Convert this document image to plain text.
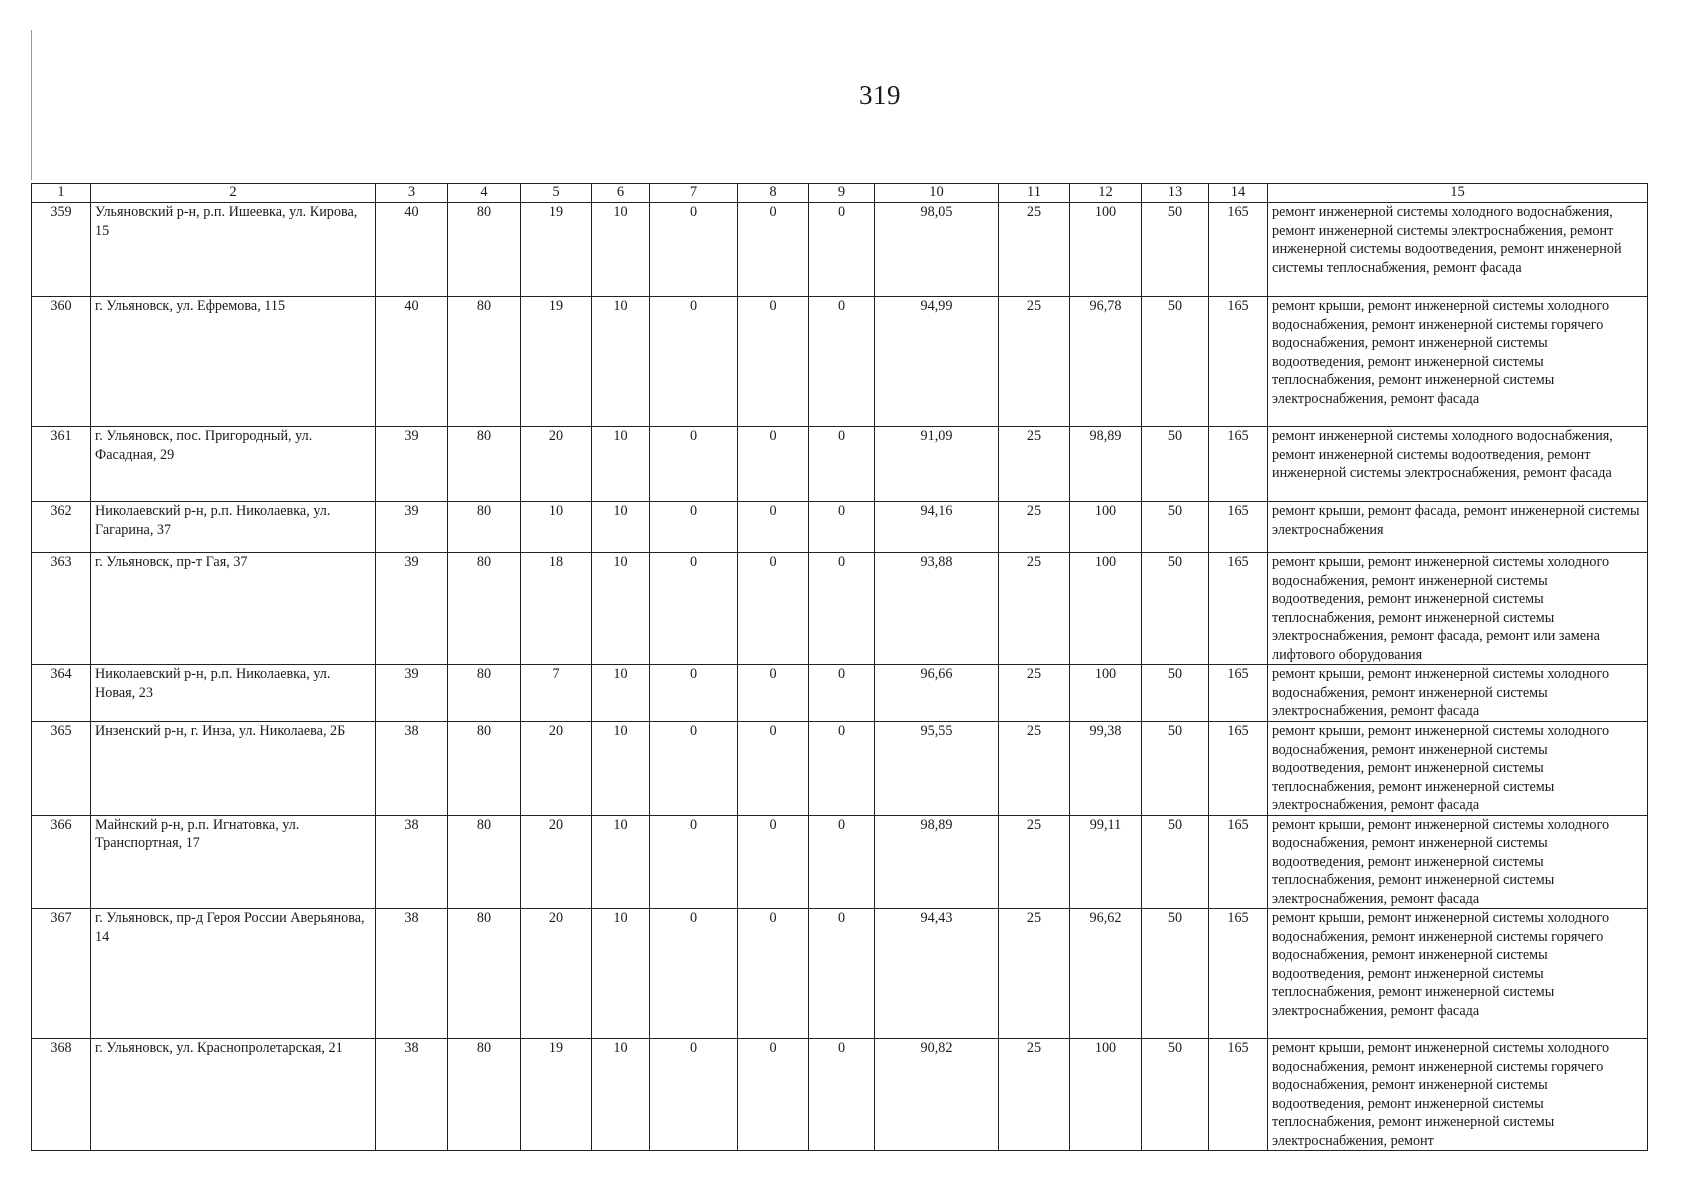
319
1	2	3	4	5	6	7	8	9	10	11	12	13	14	15
359	Ульяновский р-н, р.п. Ишеевка, ул. Кирова, 15	40	80	19	10	0	0	0	98,05	25	100	50	165	ремонт инженерной системы холодного водоснабжения, ремонт инженерной системы электроснабжения, ремонт инженерной системы водоотведения, ремонт инженерной системы теплоснабжения, ремонт фасада
360	г. Ульяновск, ул. Ефремова, 115	40	80	19	10	0	0	0	94,99	25	96,78	50	165	ремонт крыши, ремонт инженерной системы холодного водоснабжения, ремонт инженерной системы горячего водоснабжения, ремонт инженерной системы водоотведения, ремонт инженерной системы теплоснабжения, ремонт инженерной системы электроснабжения, ремонт фасада
361	г. Ульяновск, пос. Пригородный, ул. Фасадная, 29	39	80	20	10	0	0	0	91,09	25	98,89	50	165	ремонт инженерной системы холодного водоснабжения, ремонт инженерной системы водоотведения, ремонт инженерной системы электроснабжения, ремонт фасада
362	Николаевский р-н, р.п. Николаевка, ул. Гагарина, 37	39	80	10	10	0	0	0	94,16	25	100	50	165	ремонт крыши, ремонт фасада, ремонт инженерной системы электроснабжения
363	г. Ульяновск, пр-т Гая, 37	39	80	18	10	0	0	0	93,88	25	100	50	165	ремонт крыши, ремонт инженерной системы холодного водоснабжения, ремонт инженерной системы водоотведения, ремонт инженерной системы теплоснабжения, ремонт инженерной системы электроснабжения, ремонт фасада, ремонт или замена лифтового оборудования
364	Николаевский р-н, р.п. Николаевка, ул. Новая, 23	39	80	7	10	0	0	0	96,66	25	100	50	165	ремонт крыши, ремонт инженерной системы холодного водоснабжения, ремонт инженерной системы электроснабжения, ремонт фасада
365	Инзенский р-н, г. Инза, ул. Николаева, 2Б	38	80	20	10	0	0	0	95,55	25	99,38	50	165	ремонт крыши, ремонт инженерной системы холодного водоснабжения, ремонт инженерной системы водоотведения, ремонт инженерной системы теплоснабжения, ремонт инженерной системы электроснабжения, ремонт фасада
366	Майнский р-н, р.п. Игнатовка, ул. Транспортная, 17	38	80	20	10	0	0	0	98,89	25	99,11	50	165	ремонт крыши, ремонт инженерной системы холодного водоснабжения, ремонт инженерной системы водоотведения, ремонт инженерной системы теплоснабжения, ремонт инженерной системы электроснабжения, ремонт фасада
367	г. Ульяновск, пр-д Героя России Аверьянова, 14	38	80	20	10	0	0	0	94,43	25	96,62	50	165	ремонт крыши, ремонт инженерной системы холодного водоснабжения, ремонт инженерной системы горячего водоснабжения, ремонт инженерной системы водоотведения, ремонт инженерной системы теплоснабжения, ремонт инженерной системы электроснабжения, ремонт фасада
368	г. Ульяновск, ул. Краснопролетарская, 21	38	80	19	10	0	0	0	90,82	25	100	50	165	ремонт крыши, ремонт инженерной системы холодного водоснабжения, ремонт инженерной системы горячего водоснабжения, ремонт инженерной системы водоотведения, ремонт инженерной системы теплоснабжения, ремонт инженерной системы электроснабжения, ремонт
